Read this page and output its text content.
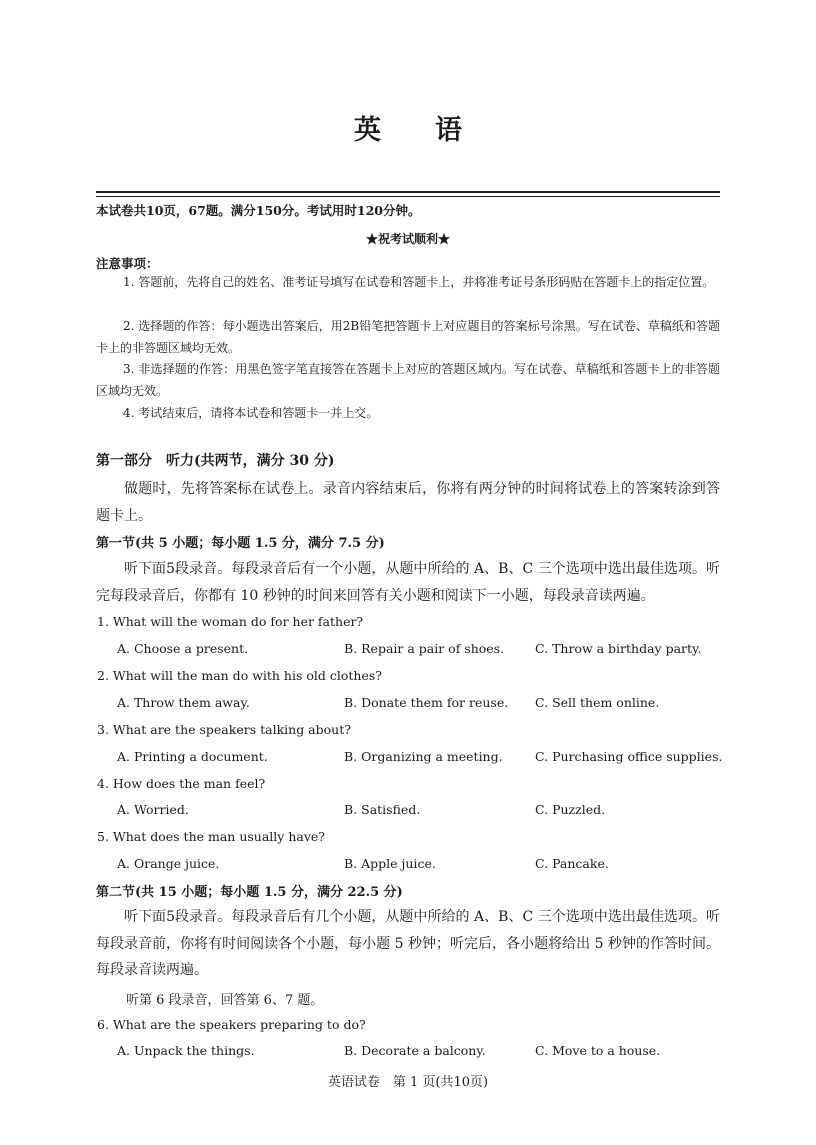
英 语
本试卷共10页，67题。满分150分。考试用时120分钟。
★祝考试顺利★
注意事项：
1. 答题前，先将自己的姓名、准考证号填写在试卷和答题卡上，并将准考证号条形码贴在答题卡上的指定位置。
2. 选择题的作答：每小题选出答案后，用2B铅笔把答题卡上对应题目的答案标号涂黑。写在试卷、草稿纸和答题卡上的非答题区域均无效。
3. 非选择题的作答：用黑色签字笔直接答在答题卡上对应的答题区域内。写在试卷、草稿纸和答题卡上的非答题区域均无效。
4. 考试结束后，请将本试卷和答题卡一并上交。
第一部分　听力(共两节，满分 30 分)
做题时，先将答案标在试卷上。录音内容结束后，你将有两分钟的时间将试卷上的答案转涂到答题卡上。
第一节(共 5 小题；每小题 1.5 分，满分 7.5 分)
听下面5段录音。每段录音后有一个小题，从题中所给的 A、B、C 三个选项中选出最佳选项。听完每段录音后，你都有 10 秒钟的时间来回答有关小题和阅读下一小题，每段录音读两遍。
1. What will the woman do for her father?
A. Choose a present.	B. Repair a pair of shoes. C. Throw a birthday party.
2. What will the man do with his old clothes?
A. Throw them away.	B. Donate them for reuse. C. Sell them online.
3. What are the speakers talking about?
A. Printing a document.	B. Organizing a meeting.	C. Purchasing office supplies.
4. How does the man feel?
A. Worried.	B. Satisfied.	C. Puzzled.
5. What does the man usually have?
A. Orange juice.	B. Apple juice.	C. Pancake.
第二节(共 15 小题；每小题 1.5 分，满分 22.5 分)
听下面5段录音。每段录音后有几个小题，从题中所给的 A、B、C 三个选项中选出最佳选项。听每段录音前，你将有时间阅读各个小题，每小题 5 秒钟；听完后，各小题将给出 5 秒钟的作答时间。每段录音读两遍。
听第 6 段录音，回答第 6、7 题。
6. What are the speakers preparing to do?
A. Unpack the things.	B. Decorate a balcony.	C. Move to a house.
英语试卷　第 1 页(共10页)
